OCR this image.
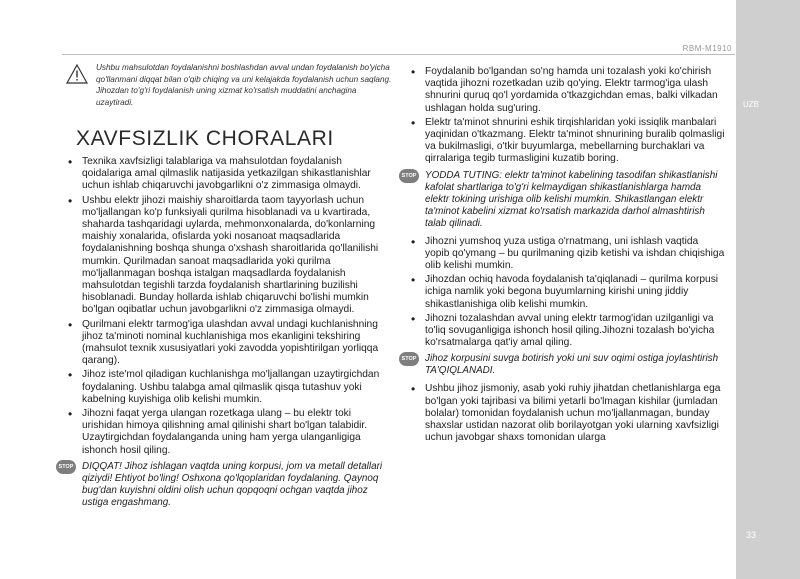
RBM-M1910
UZB
33
Ushbu mahsulotdan foydalanishni boshlashdan avval undan foydalanish bo'yicha qo'llanmani diqqat bilan o'qib chiqing va uni kelajakda foydalanish uchun saqlang. Jihozdan to'g'ri foydalanish uning xizmat ko'rsatish muddatini anchagina uzaytiradi.
XAVFSIZLIK CHORALARI
• Texnika xavfsizligi talablariga va mahsulotdan foydalanish qoidalariga amal qilmaslik natijasida yetkazilgan shikastlanishlar uchun ishlab chiqaruvchi javobgarlikni o'z zimmasiga olmaydi.
• Ushbu elektr jihozi maishiy sharoitlarda taom tayyorlash uchun mo'ljallangan ko'p funksiyali qurilma hisoblanadi va u kvartirada, shaharda tashqaridagi uylarda, mehmonxonalarda, do'konlarning maishiy xonalarida, ofislarda yoki nosanoat maqsadlarida foydalanishning boshqa shunga o'xshash sharoitlarida qo'llanilishi mumkin. Qurilmadan sanoat maqsadlarida yoki qurilma mo'ljallanmagan boshqa istalgan maqsadlarda foydalanish mahsulotdan tegishli tarzda foydalanish shartlarining buzilishi hisoblanadi. Bunday hollarda ishlab chiqaruvchi bo'lishi mumkin bo'lgan oqibatlar uchun javobgarlikni o'z zimmasiga olmaydi.
• Qurilmani elektr tarmog'iga ulashdan avval undagi kuchlanishning jihoz ta'minoti nominal kuchlanishiga mos ekanligini tekshiring (mahsulot texnik xususiyatlari yoki zavodda yopishtirilgan yorliqqa qarang).
• Jihoz iste'mol qiladigan kuchlanishga mo'ljallangan uzaytirgichdan foydalaning. Ushbu talabga amal qilmaslik qisqa tutashuv yoki kabelning kuyishiga olib kelishi mumkin.
• Jihozni faqat yerga ulangan rozetkaga ulang – bu elektr toki urishidan himoya qilishning amal qilinishi shart bo'lgan talabidir. Uzaytirgichdan foydalanganda uning ham yerga ulanganligiga ishonch hosil qiling.
STOP DIQQAT! Jihoz ishlagan vaqtda uning korpusi, jom va metall detallari qiziydi! Ehtiyot bo'ling! Oshxona qo'lqoplaridan foydalaning. Qaynoq bug'dan kuyishni oldini olish uchun qopqoqni ochgan vaqtda jihoz ustiga engashmang.
• Foydalanib bo'lgandan so'ng hamda uni tozalash yoki ko'chirish vaqtida jihozni rozetkadan uzib qo'ying. Elektr tarmog'iga ulash shnurini quruq qo'l yordamida o'tkazgichdan emas, balki vilkadan ushlagan holda sug'uring.
• Elektr ta'minot shnurini eshik tirqishlaridan yoki issiqlik manbalari yaqinidan o'tkazmang. Elektr ta'minot shnurining buralib qolmasligi va bukilmasligi, o'tkir buyumlarga, mebellarning burchaklari va qirralariga tegib turmasligini kuzatib boring.
STOP YODDA TUTING: elektr ta'minot kabelining tasodifan shikastlanishi kafolat shartlariga to'g'ri kelmaydigan shikastlanishlarga hamda elektr tokining urishiga olib kelishi mumkin. Shikastlangan elektr ta'minot kabelini xizmat ko'rsatish markazida darhol almashtirish talab qilinadi.
• Jihozni yumshoq yuza ustiga o'rnatmang, uni ishlash vaqtida yopib qo'ymang – bu qurilmaning qizib ketishi va ishdan chiqishiga olib kelishi mumkin.
• Jihozdan ochiq havoda foydalanish ta'qiqlanadi – qurilma korpusi ichiga namlik yoki begona buyumlarning kirishi uning jiddiy shikastlanishiga olib kelishi mumkin.
• Jihozni tozalashdan avval uning elektr tarmog'idan uzilganligi va to'liq sovuganligiga ishonch hosil qiling.Jihozni tozalash bo'yicha ko'rsatmalarga qat'iy amal qiling.
STOP Jihoz korpusini suvga botirish yoki uni suv oqimi ostiga joylashtirish TA'QIQLANADI.
• Ushbu jihoz jismoniy, asab yoki ruhiy jihatdan chetlanishlarga ega bo'lgan yoki tajribasi va bilimi yetarli bo'lmagan kishilar (jumladan bolalar) tomonidan foydalanish uchun mo'ljallanmagan, bunday shaxslar ustidan nazorat olib borilayotgan yoki ularning xavfsizligi uchun javobgar shaxs tomonidan ularga
